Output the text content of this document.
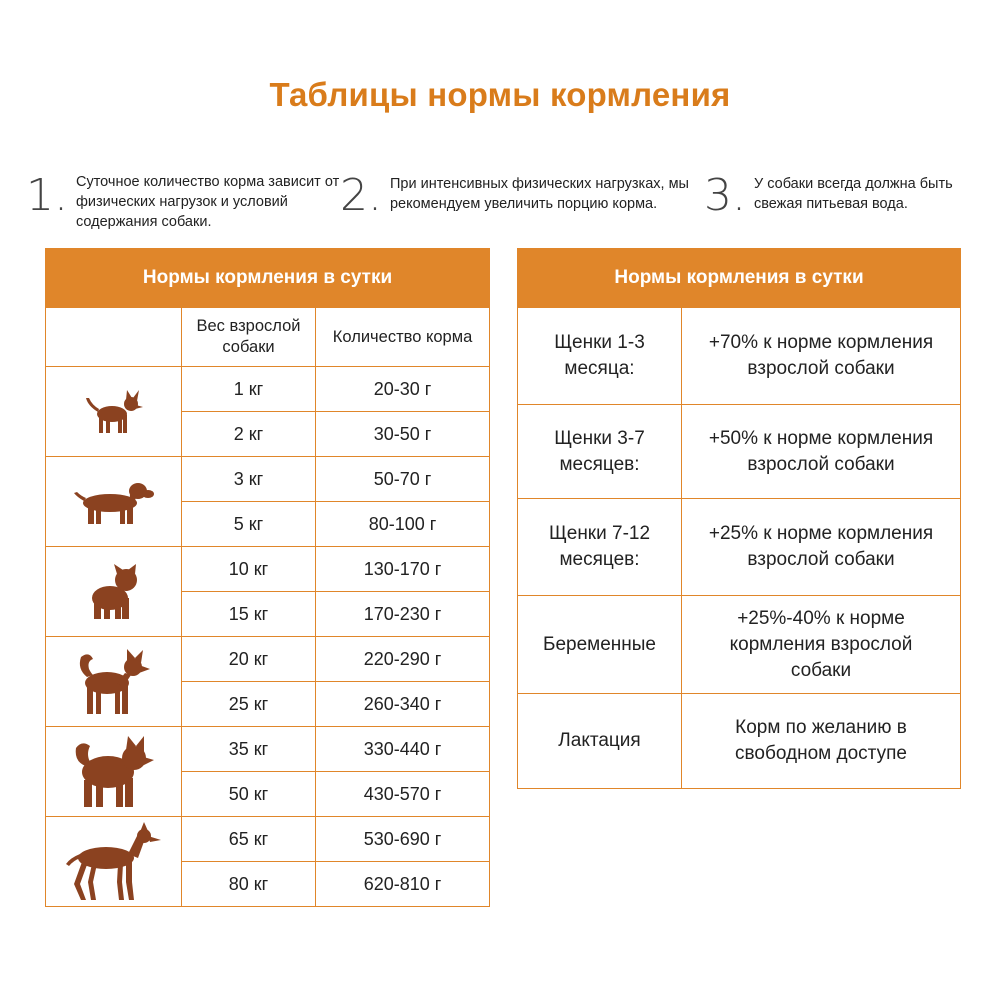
Таблицы нормы кормления
1. Суточное количество корма зависит от физических нагрузок и условий содержания собаки.
2. При интенсивных физических нагрузках, мы рекомендуем увеличить порцию корма.	3. У собаки всегда должна быть свежая питьевая вода.
Нормы кормления в сутки		
	Вес взрослой собаки	Количество корма

	1 кг	20-30 г
	2 кг	30-50 г

	3 кг	50-70 г
	5 кг	80-100 г

	10 кг	130-170 г
	15 кг	170-230 г

	20 кг	220-290 г
	25 кг	260-340 г

	35 кг	330-440 г
	50 кг	430-570 г

	65 кг	530-690 г
	80 кг	620-810 г
Нормы кормления в сутки	
Щенки 1-3 месяца:	+70% к норме кормления взрослой собаки
Щенки 3-7 месяцев:	+50% к норме кормления взрослой собаки
Щенки 7-12 месяцев:	+25% к норме кормления взрослой собаки
Беременные	+25%-40% к норме кормления взрослой собаки
Лактация	Корм по желанию в свободном доступе
